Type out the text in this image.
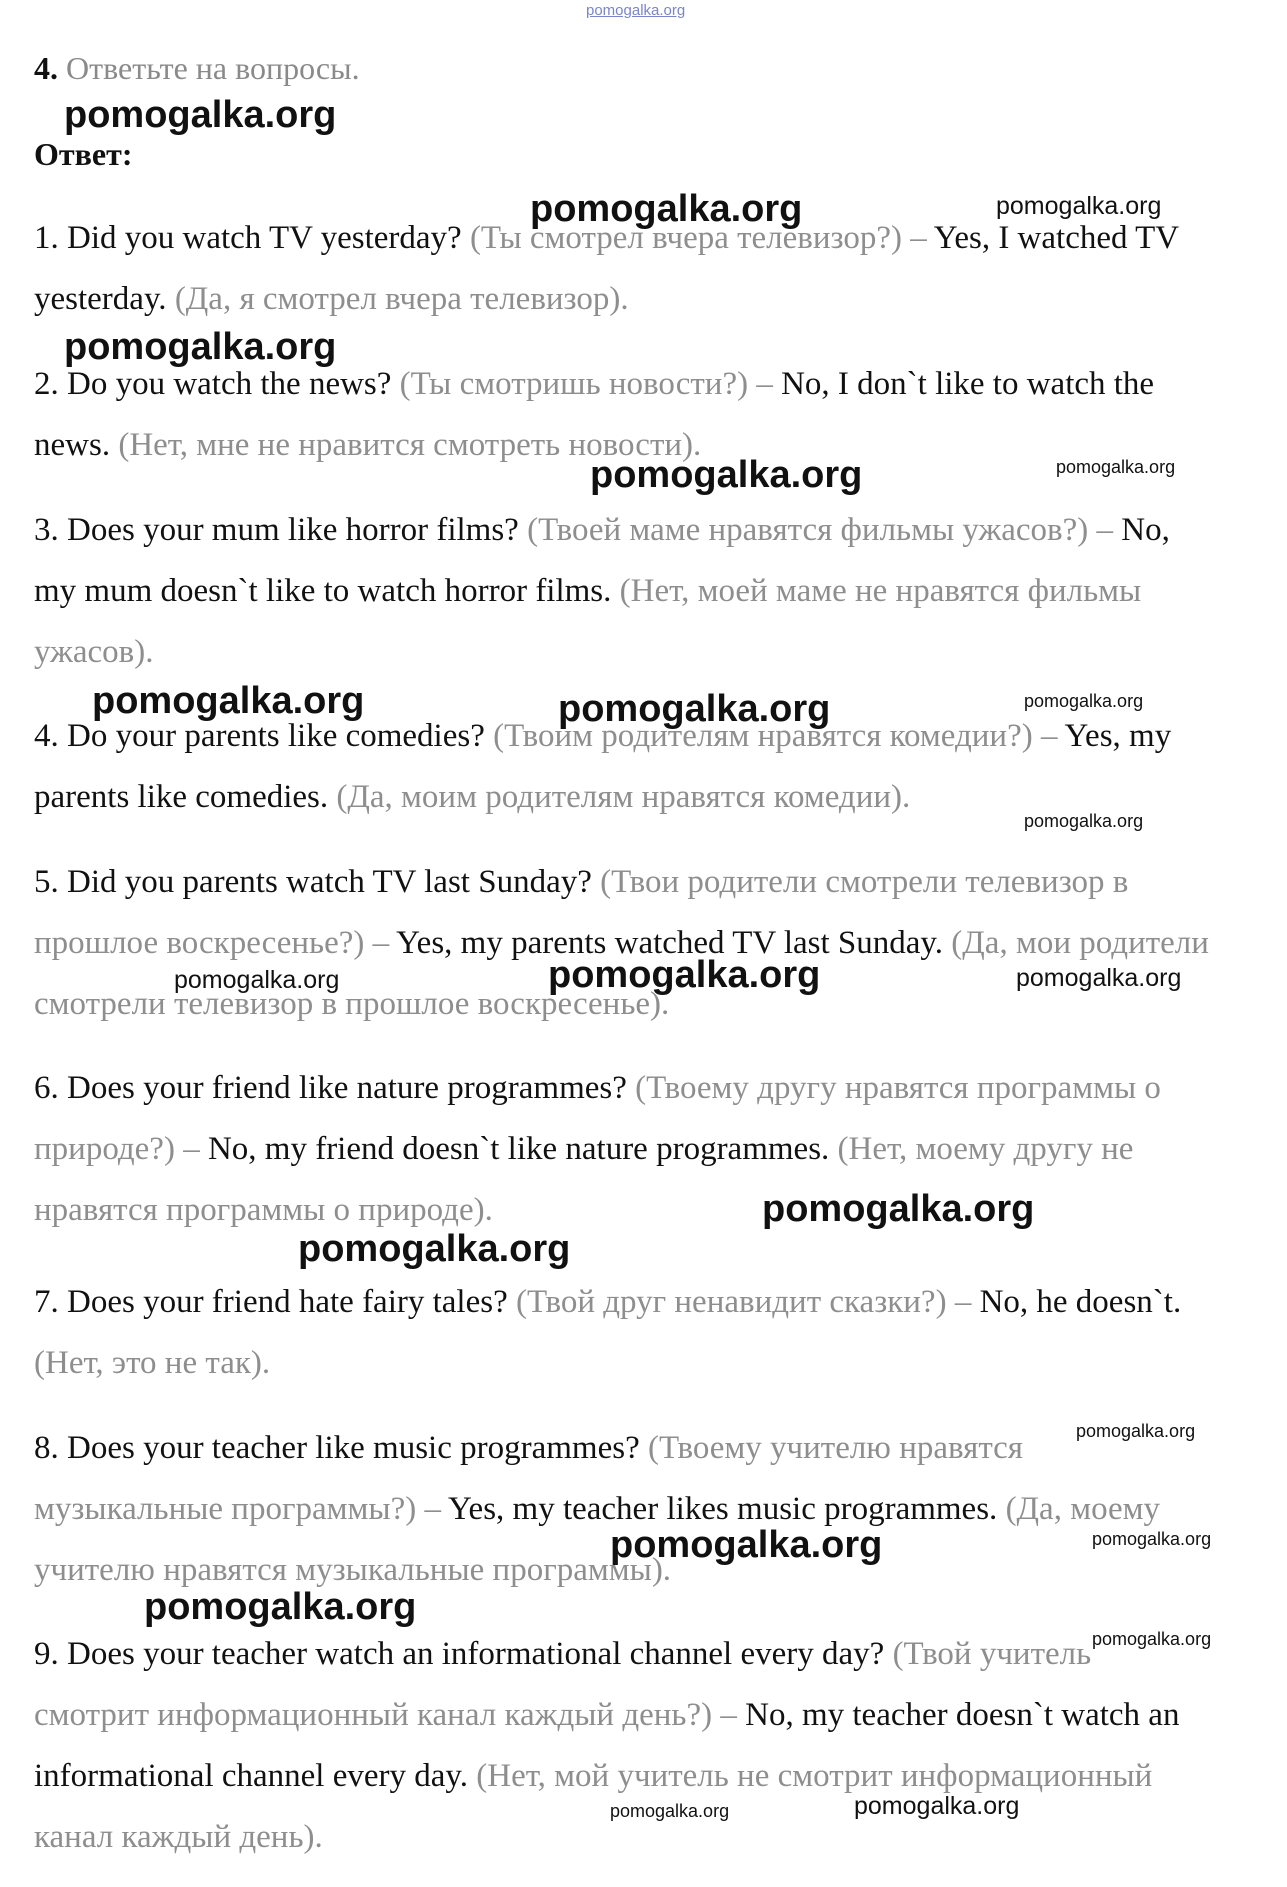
pomogalka.org
4. Ответьте на вопросы.
Ответ:

1. Did you watch TV yesterday? (Ты смотрел вчера телевизор?) – Yes, I watched TV yesterday. (Да, я смотрел вчера телевизор).

2. Do you watch the news? (Ты смотришь новости?) – No, I don`t like to watch the news. (Нет, мне не нравится смотреть новости).

3. Does your mum like horror films? (Твоей маме нравятся фильмы ужасов?) – No, my mum doesn`t like to watch horror films. (Нет, моей маме не нравятся фильмы ужасов).

4. Do your parents like comedies? (Твоим родителям нравятся комедии?) – Yes, my parents like comedies. (Да, моим родителям нравятся комедии).

5. Did you parents watch TV last Sunday? (Твои родители смотрели телевизор в прошлое воскресенье?) – Yes, my parents watched TV last Sunday. (Да, мои родители смотрели телевизор в прошлое воскресенье).

6. Does your friend like nature programmes? (Твоему другу нравятся программы о природе?) – No, my friend doesn`t like nature programmes. (Нет, моему другу не нравятся программы о природе).

7. Does your friend hate fairy tales? (Твой друг ненавидит сказки?) – No, he doesn`t. (Нет, это не так).

8. Does your teacher like music programmes? (Твоему учителю нравятся музыкальные программы?) – Yes, my teacher likes music programmes. (Да, моему учителю нравятся музыкальные программы).

9. Does your teacher watch an informational channel every day? (Твой учитель смотрит информационный канал каждый день?) – No, my teacher doesn`t watch an informational channel every day. (Нет, мой учитель не смотрит информационный канал каждый день).

pomogalka.org
pomogalka.org	pomogalka.org
pomogalka.org
pomogalka.org	pomogalka.org
pomogalka.org	pomogalka.org	pomogalka.org
pomogalka.org
pomogalka.org	pomogalka.org	pomogalka.org
pomogalka.org
pomogalka.org
pomogalka.org
pomogalka.org	pomogalka.org
pomogalka.org
pomogalka.org
pomogalka.org	pomogalka.org
